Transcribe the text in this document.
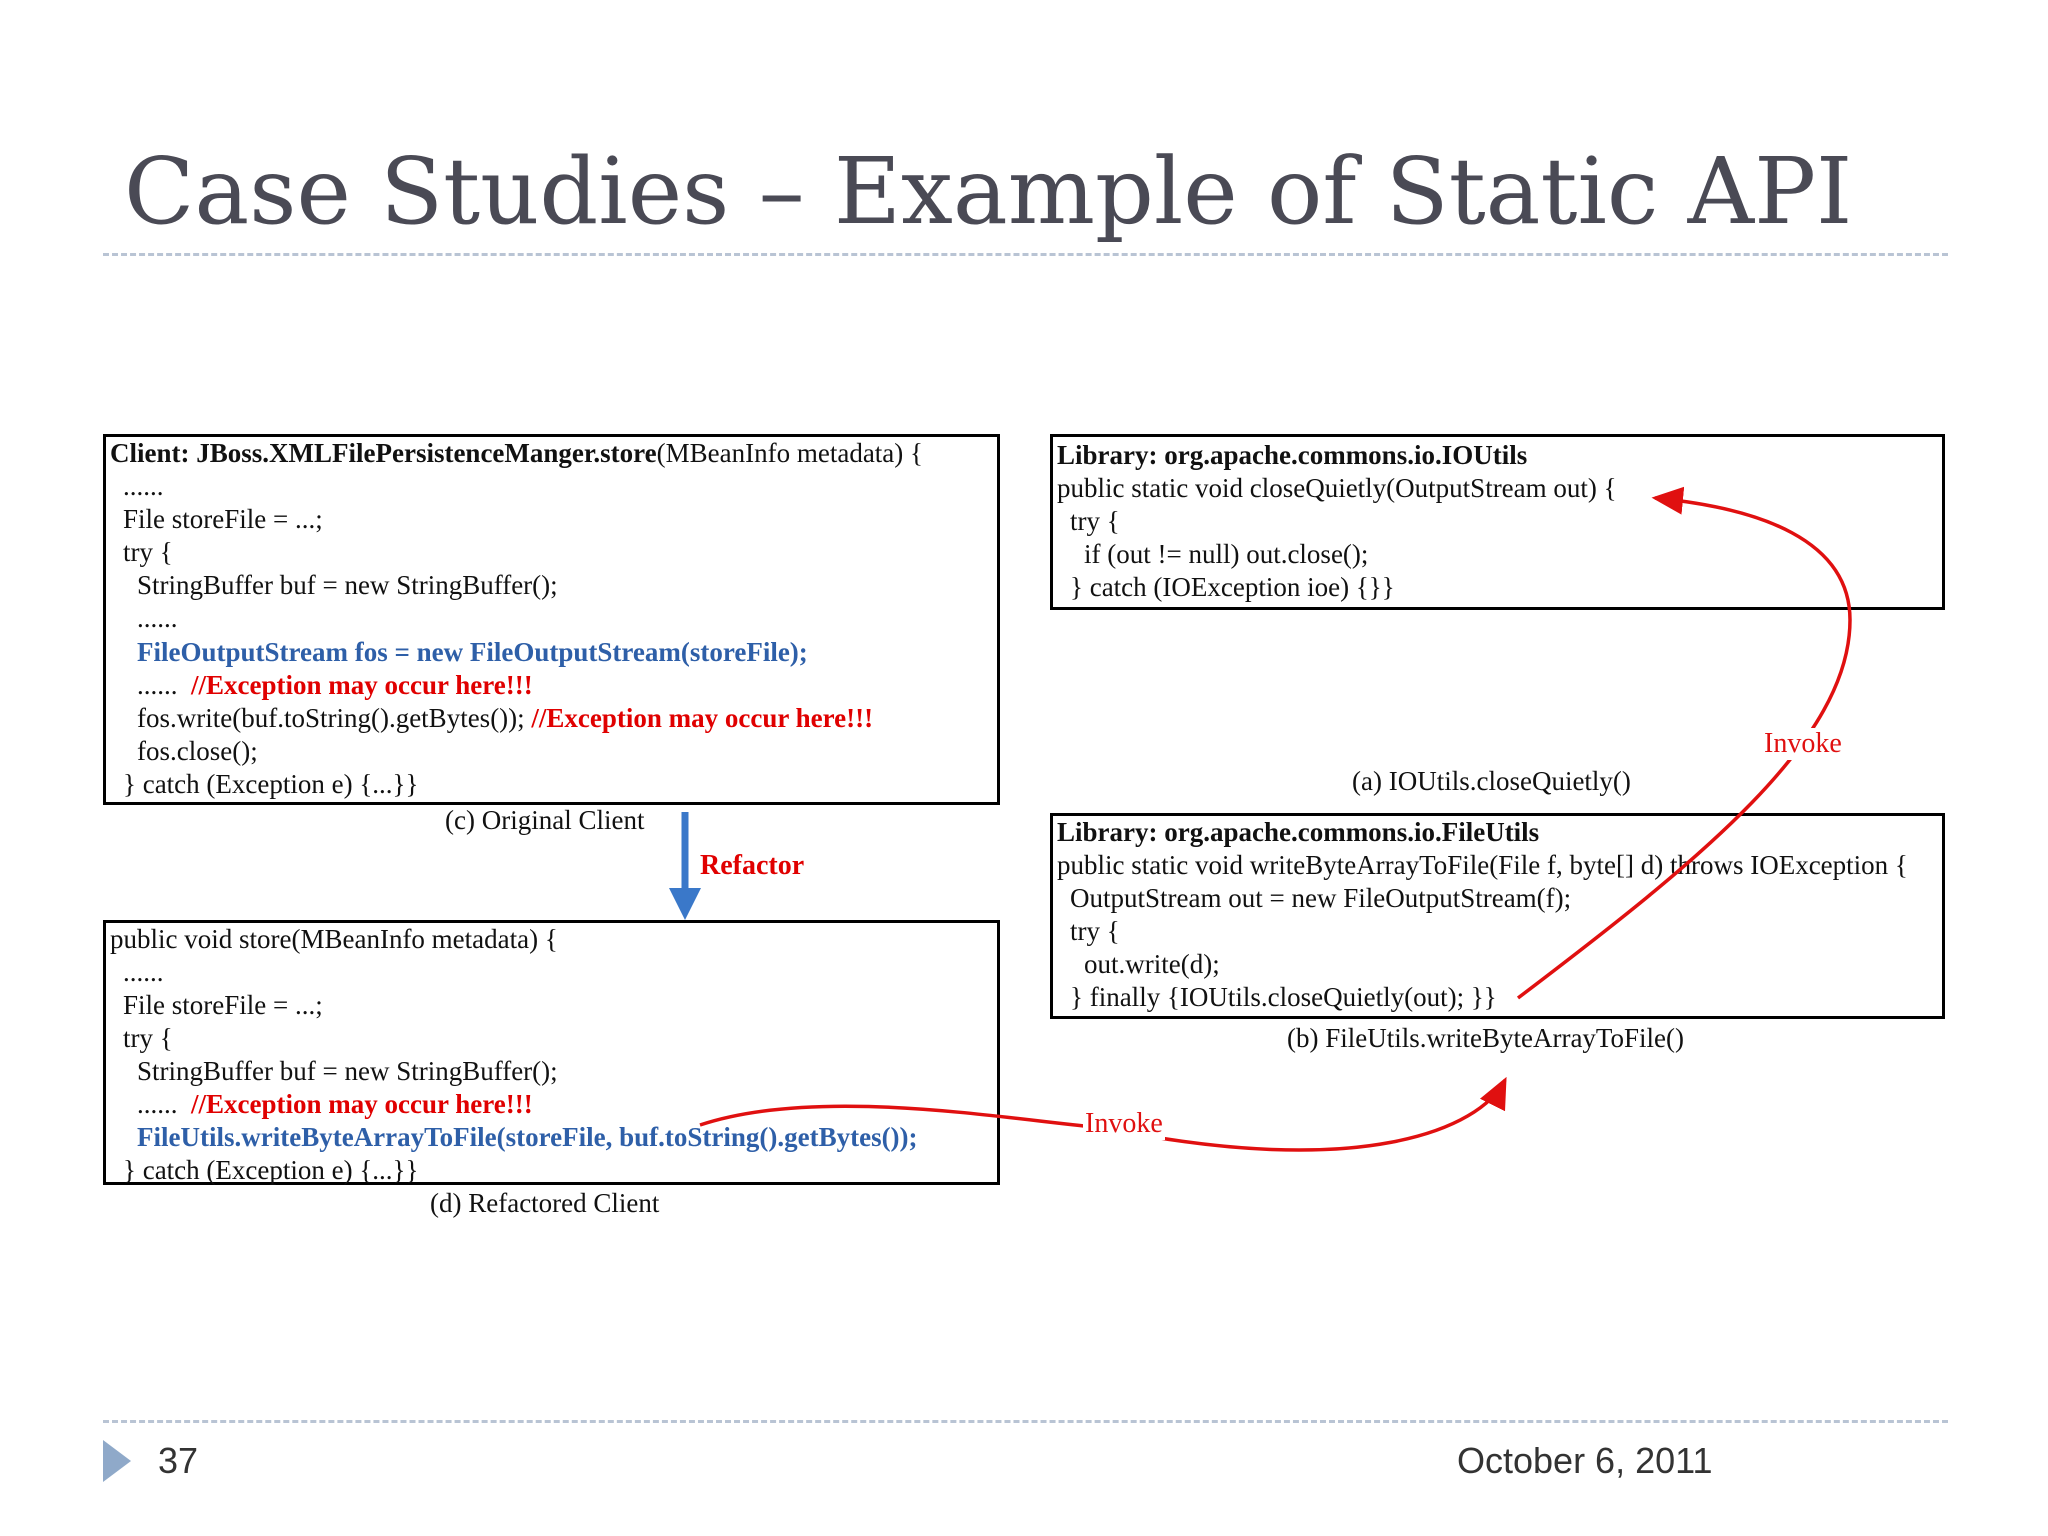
Case Studies – Example of Static API
Client: JBoss.XMLFilePersistenceManger.store(MBeanInfo metadata) {
......
File storeFile = ...;
try {
StringBuffer buf = new StringBuffer();
......
FileOutputStream fos = new FileOutputStream(storeFile);
...... //Exception may occur here!!!
fos.write(buf.toString().getBytes()); //Exception may occur here!!!
fos.close();
} catch (Exception e) {...}}
(c) Original Client
Refactor
public void store(MBeanInfo metadata) {
......
File storeFile = ...;
try {
StringBuffer buf = new StringBuffer();
...... //Exception may occur here!!!
FileUtils.writeByteArrayToFile(storeFile, buf.toString().getBytes());
} catch (Exception e) {...}}
(d) Refactored Client
Library: org.apache.commons.io.IOUtils
public static void closeQuietly(OutputStream out) {
try {
if (out != null) out.close();
} catch (IOException ioe) {}}
(a) IOUtils.closeQuietly()
Library: org.apache.commons.io.FileUtils
public static void writeByteArrayToFile(File f, byte[] d) throws IOException {
OutputStream out = new FileOutputStream(f);
try {
out.write(d);
} finally {IOUtils.closeQuietly(out); }}
(b) FileUtils.writeByteArrayToFile()
Invoke
Invoke
37	October 6, 2011
